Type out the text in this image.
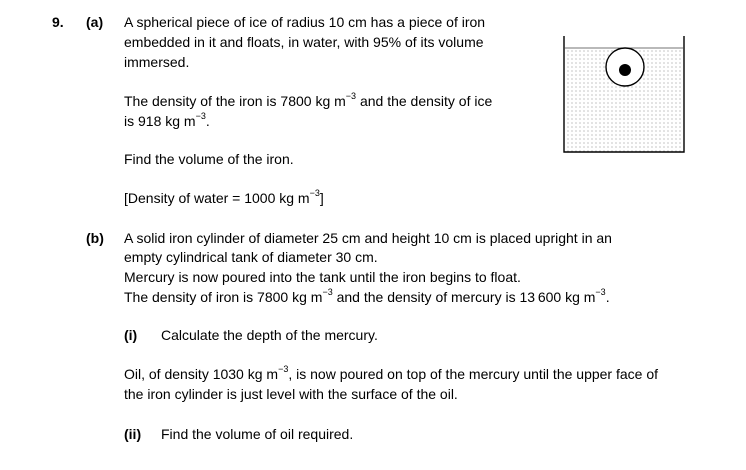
9. (a) A spherical piece of ice of radius 10 cm has a piece of iron
embedded in it and floats, in water, with 95% of its volume
immersed.
The density of the iron is 7800 kg $m^{-3}$ and the density of ice
is 918 kg $m^{-3}$.
Find the volume of the iron.
[Density of water = 1000 kg $m^{-3}$]
(b) A solid iron cylinder of diameter 25 cm and height 10 cm is placed upright in an
empty cylindrical tank of diameter 30 cm.
Mercury is now poured into the tank until the iron begins to float.
The density of iron is 7800 kg $m^{-3}$ and the density of mercury is 13 600 kg $m^{-3}$.
(i) Calculate the depth of the mercury.
Oil, of density 1030 kg $m^{-3}$, is now poured on top of the mercury until the upper face of
the iron cylinder is just level with the surface of the oil.
(ii) Find the volume of oil required.
